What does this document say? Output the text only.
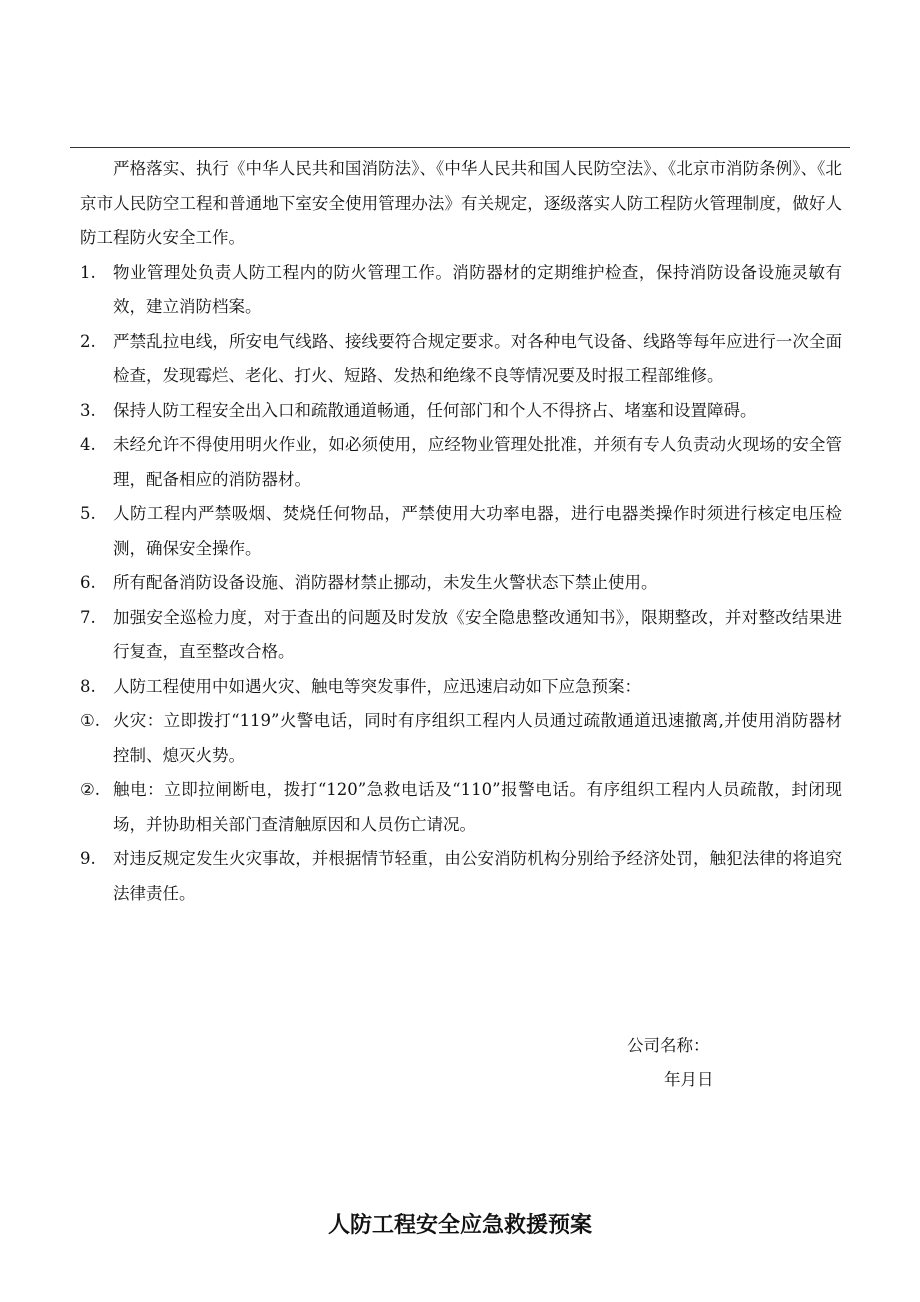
严格落实、执行《中华人民共和国消防法》、《中华人民共和国人民防空法》、《北京市消防条例》、《北京市人民防空工程和普通地下室安全使用管理办法》有关规定，逐级落实人防工程防火管理制度，做好人防工程防火安全工作。

1.	物业管理处负责人防工程内的防火管理工作。消防器材的定期维护检查，保持消防设备设施灵敏有效，建立消防档案。
2.	严禁乱拉电线，所安电气线路、接线要符合规定要求。对各种电气设备、线路等每年应进行一次全面检查，发现霉烂、老化、打火、短路、发热和绝缘不良等情况要及时报工程部维修。
3.	保持人防工程安全出入口和疏散通道畅通，任何部门和个人不得挤占、堵塞和设置障碍。
4.	未经允许不得使用明火作业，如必须使用，应经物业管理处批准，并须有专人负责动火现场的安全管理，配备相应的消防器材。
5.	人防工程内严禁吸烟、焚烧任何物品，严禁使用大功率电器，进行电器类操作时须进行核定电压检测，确保安全操作。
6.	所有配备消防设备设施、消防器材禁止挪动，未发生火警状态下禁止使用。
7.	加强安全巡检力度，对于查出的问题及时发放《安全隐患整改通知书》，限期整改，并对整改结果进行复查，直至整改合格。
8.	人防工程使用中如遇火灾、触电等突发事件，应迅速启动如下应急预案：
①. 火灾：立即拨打“119”火警电话，同时有序组织工程内人员通过疏散通道迅速撤离,并使用消防器材控制、熄灭火势。
②. 触电：立即拉闸断电，拨打“120”急救电话及“110”报警电话。有序组织工程内人员疏散，封闭现场，并协助相关部门查清触原因和人员伤亡请况。
9.	对违反规定发生火灾事故，并根据情节轻重，由公安消防机构分别给予经济处罚，触犯法律的将追究法律责任。
公司名称：
年月日
人防工程安全应急救援预案
